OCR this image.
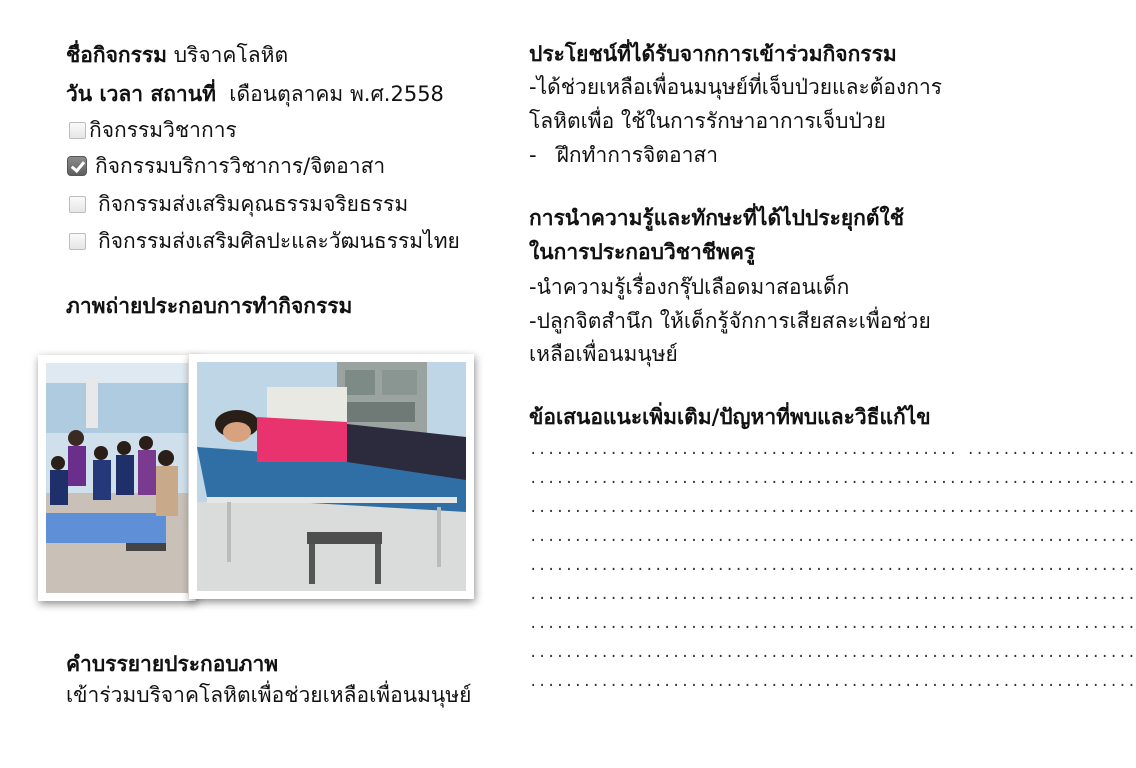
ชื่อกิจกรรม บริจาคโลหิต
วัน เวลา สถานที่ เดือนตุลาคม พ.ศ.2558
กิจกรรมวิชาการ
กิจกรรมบริการวิชาการ/จิตอาสา
กิจกรรมส่งเสริมคุณธรรมจริยธรรม
กิจกรรมส่งเสริมศิลปะและวัฒนธรรมไทย
ภาพถ่ายประกอบการทำกิจกรรม
คำบรรยายประกอบภาพ
เข้าร่วมบริจาคโลหิตเพื่อช่วยเหลือเพื่อนมนุษย์
ประโยชน์ที่ได้รับจากการเข้าร่วมกิจกรรม
-ได้ช่วยเหลือเพื่อนมนุษย์ที่เจ็บป่วยและต้องการ
โลหิตเพื่อ ใช้ในการรักษาอาการเจ็บป่วย
-   ฝึกทำการจิตอาสา
การนำความรู้และทักษะที่ได้ไปประยุกต์ใช้
ในการประกอบวิชาชีพครู
-นำความรู้เรื่องกรุ๊ปเลือดมาสอนเด็ก
-ปลูกจิตสำนึก ให้เด็กรู้จักการเสียสละเพื่อช่วย
เหลือเพื่อนมนุษย์
ข้อเสนอแนะเพิ่มเติม/ปัญหาที่พบและวิธีแก้ไข
................................................ ...................
....................................................................
....................................................................
....................................................................
....................................................................
....................................................................
....................................................................
....................................................................
....................................................................
